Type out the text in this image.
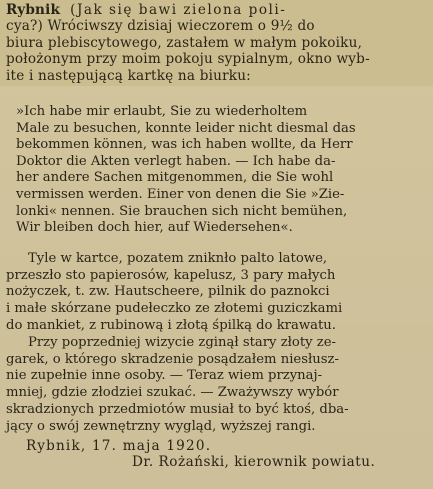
Rybnik (Jak się bawi zielona poli-
cya?) Wróciwszy dzisiaj wieczorem o 9½ do
biura plebiscytowego, zastałem w małym pokoiku,
położonym przy moim pokoju sypialnym, okno wyb-
ite i następującą kartkę na biurku:
»Ich habe mir erlaubt, Sie zu wiederholtem
Male zu besuchen, konnte leider nicht diesmal das
bekommen können, was ich haben wollte, da Herr
Doktor die Akten verlegt haben. — Ich habe da-
her andere Sachen mitgenommen, die Sie wohl
vermissen werden. Einer von denen die Sie »Zie-
lonki« nennen. Sie brauchen sich nicht bemühen,
Wir bleiben doch hier, auf Wiedersehen«.
Tyle w kartce, pozatem zniknło palto latowe,
przeszło sto papierosów, kapelusz, 3 pary małych
nożyczek, t. zw. Hautscheere, pilnik do paznokci
i małe skórzane pudełeczko ze złotemi guziczkami
do mankiet, z rubinową i złotą śpilką do krawatu.
Przy poprzedniej wizycie zginął stary złoty ze-
garek, o którego skradzenie posądzałem niesłusz-
nie zupełnie inne osoby. — Teraz wiem przynaj-
mniej, gdzie złodziei szukać. — Zważywszy wybór
skradzionych przedmiotów musiał to być ktoś, dba-
jący o swój zewnętrzny wygląd, wyższej rangi.
Rybnik, 17. maja 1920.
Dr. Rożański, kierownik powiatu.
